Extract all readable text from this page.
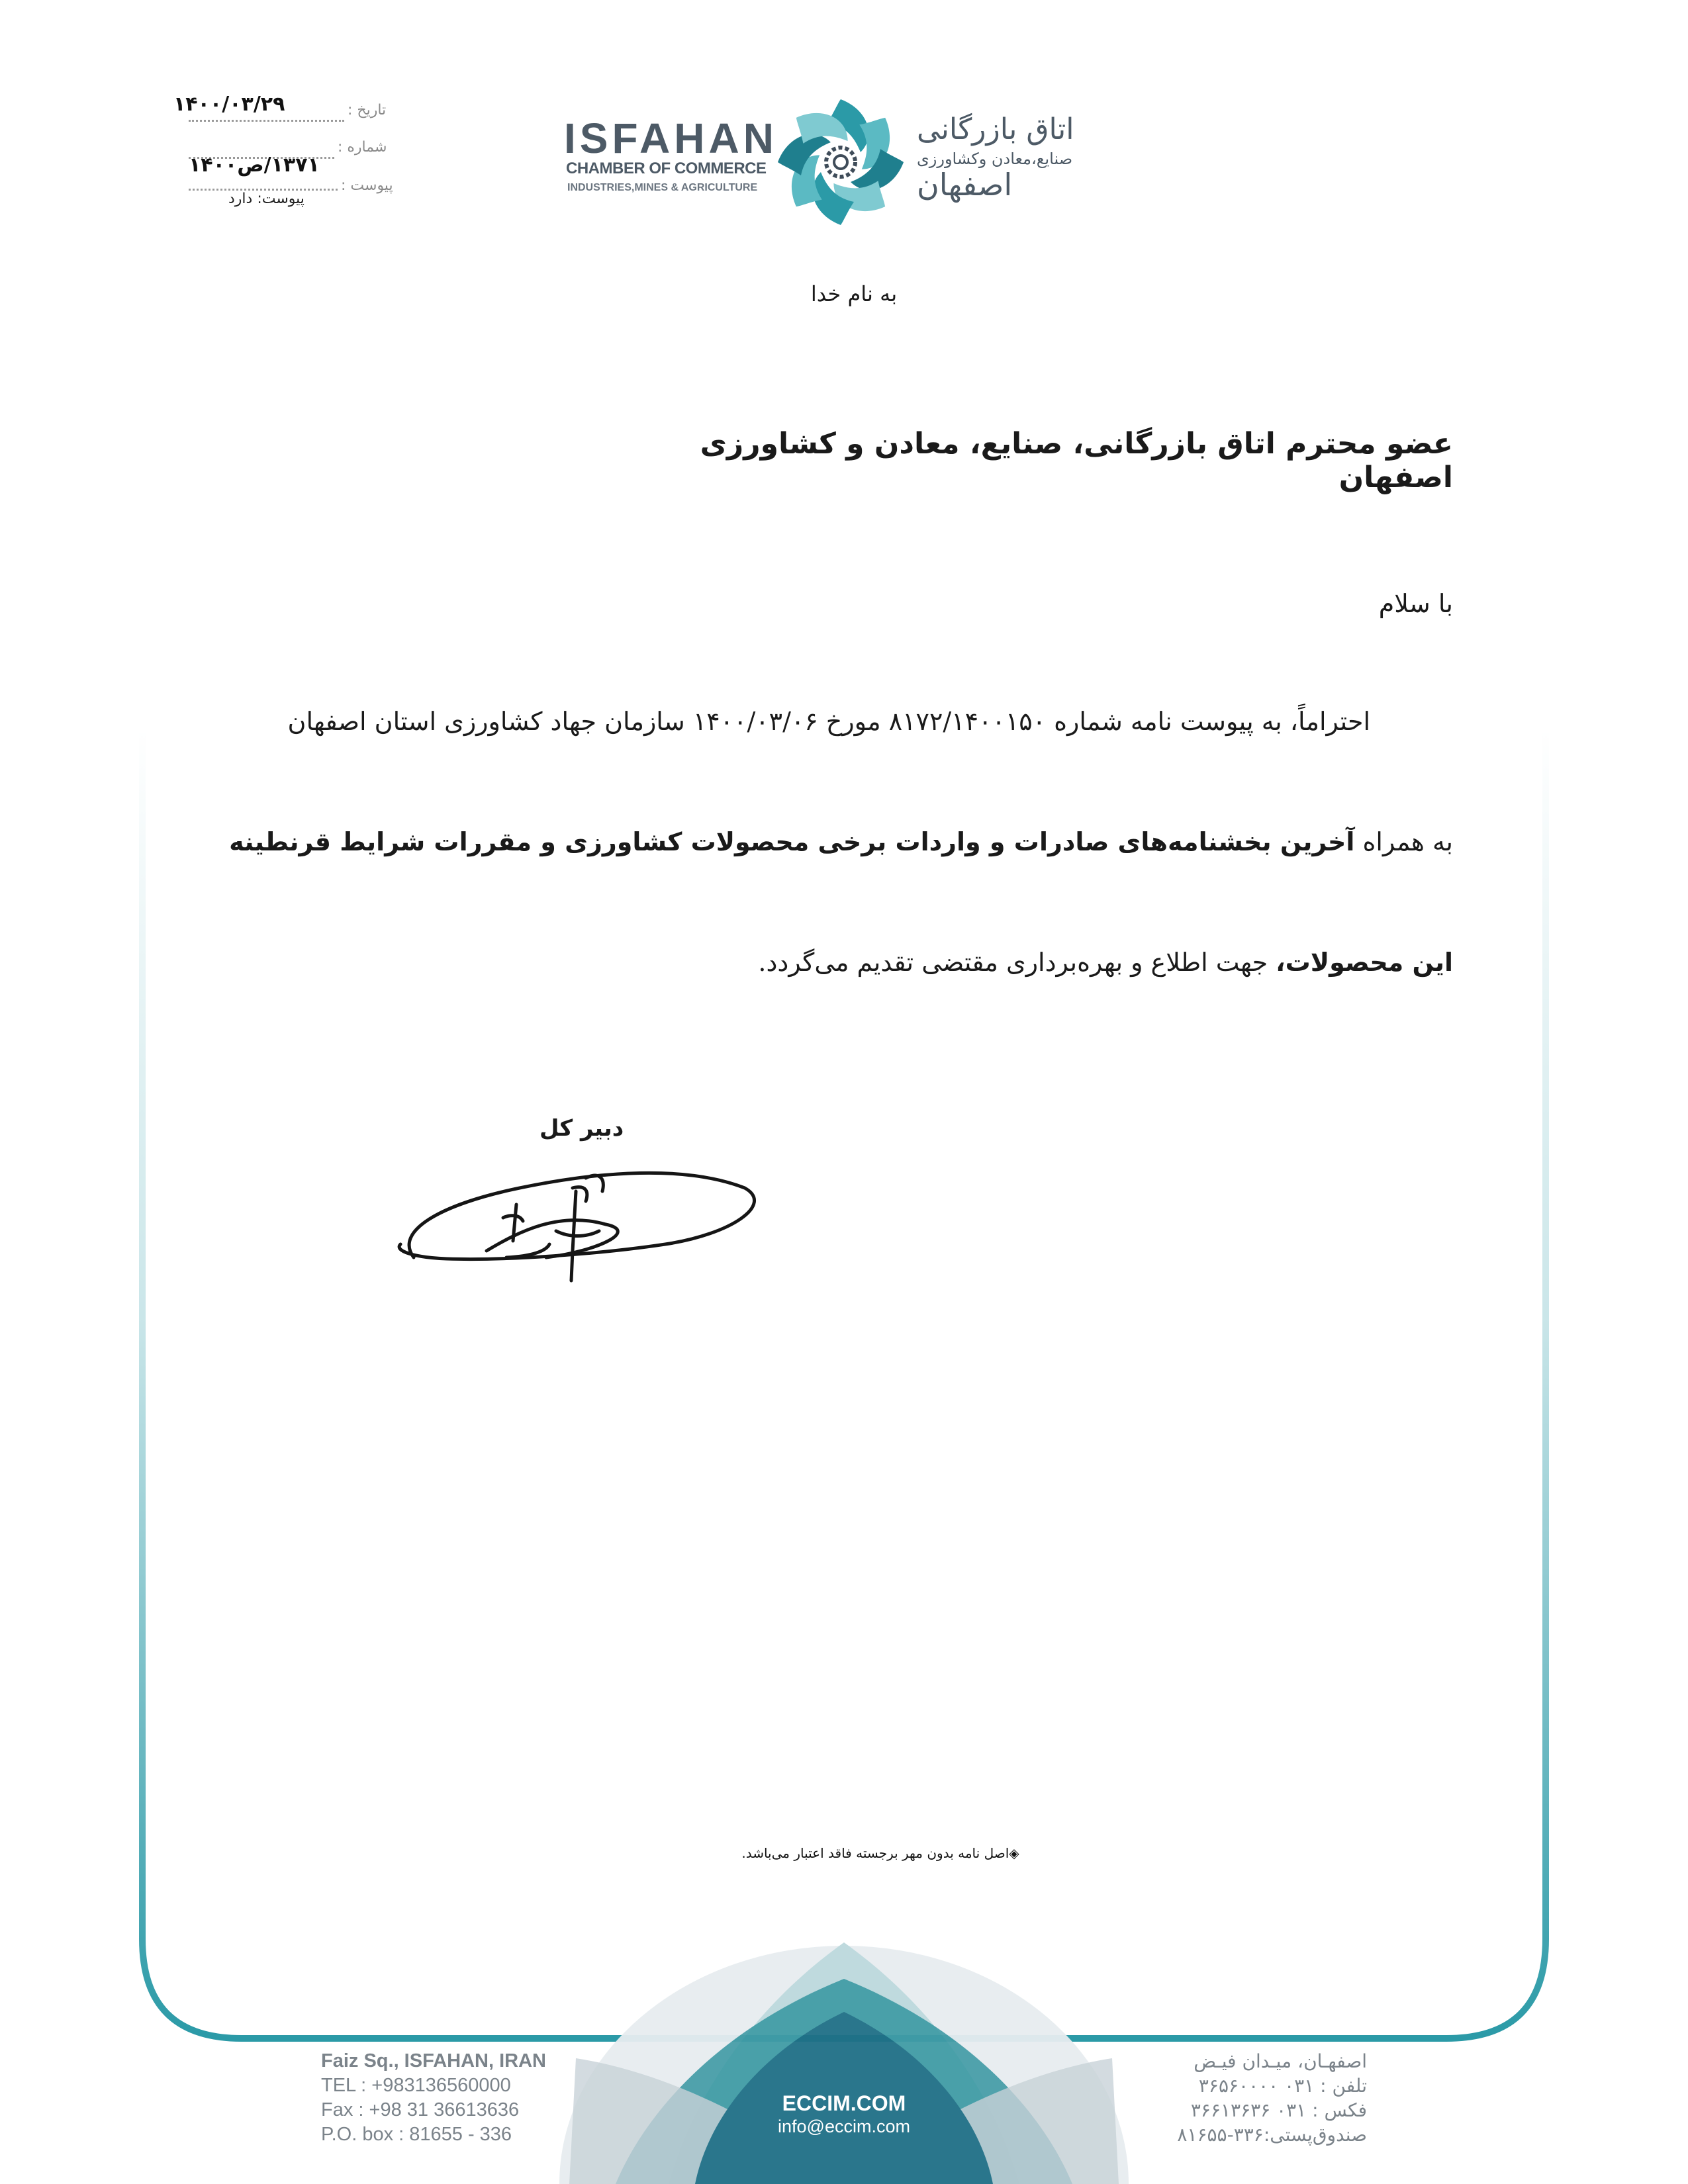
تاریخ :
۱۴۰۰/۰۳/۲۹
شماره :
۱۳۷۱/ص۱۴۰۰
پیوست :
پیوست: دارد
ISFAHAN
CHAMBER OF COMMERCE
INDUSTRIES,MINES & AGRICULTURE
اتاق بازرگانی
صنایع،معادن وکشاورزی
اصفهان
به نام خدا
عضو محترم اتاق بازرگانی، صنایع، معادن و کشاورزی اصفهان
با سلام
احتراماً، به پیوست نامه شماره ۸۱۷۲/۱۴۰۰۱۵۰ مورخ ۱۴۰۰/۰۳/۰۶ سازمان جهاد کشاورزی استان اصفهان
به همراه آخرین بخشنامه‌های صادرات و واردات برخی محصولات کشاورزی و مقررات شرایط قرنطینه
این محصولات، جهت اطلاع و بهره‌برداری مقتضی تقدیم می‌گردد.
دبیر کل
◈اصل نامه بدون مهر برجسته فاقد اعتبار می‌باشد.
Faiz Sq., ISFAHAN, IRAN
TEL : +983136560000
Fax : +98 31 36613636
P.O. box : 81655 - 336
ECCIM.COM
info@eccim.com
اصفهـان، میـدان فیـض
تلفن : ۰۳۱ ۳۶۵۶۰۰۰۰
فکس : ۰۳۱ ۳۶۶۱۳۶۳۶
صندوق‌پستی:۳۳۶-۸۱۶۵۵
